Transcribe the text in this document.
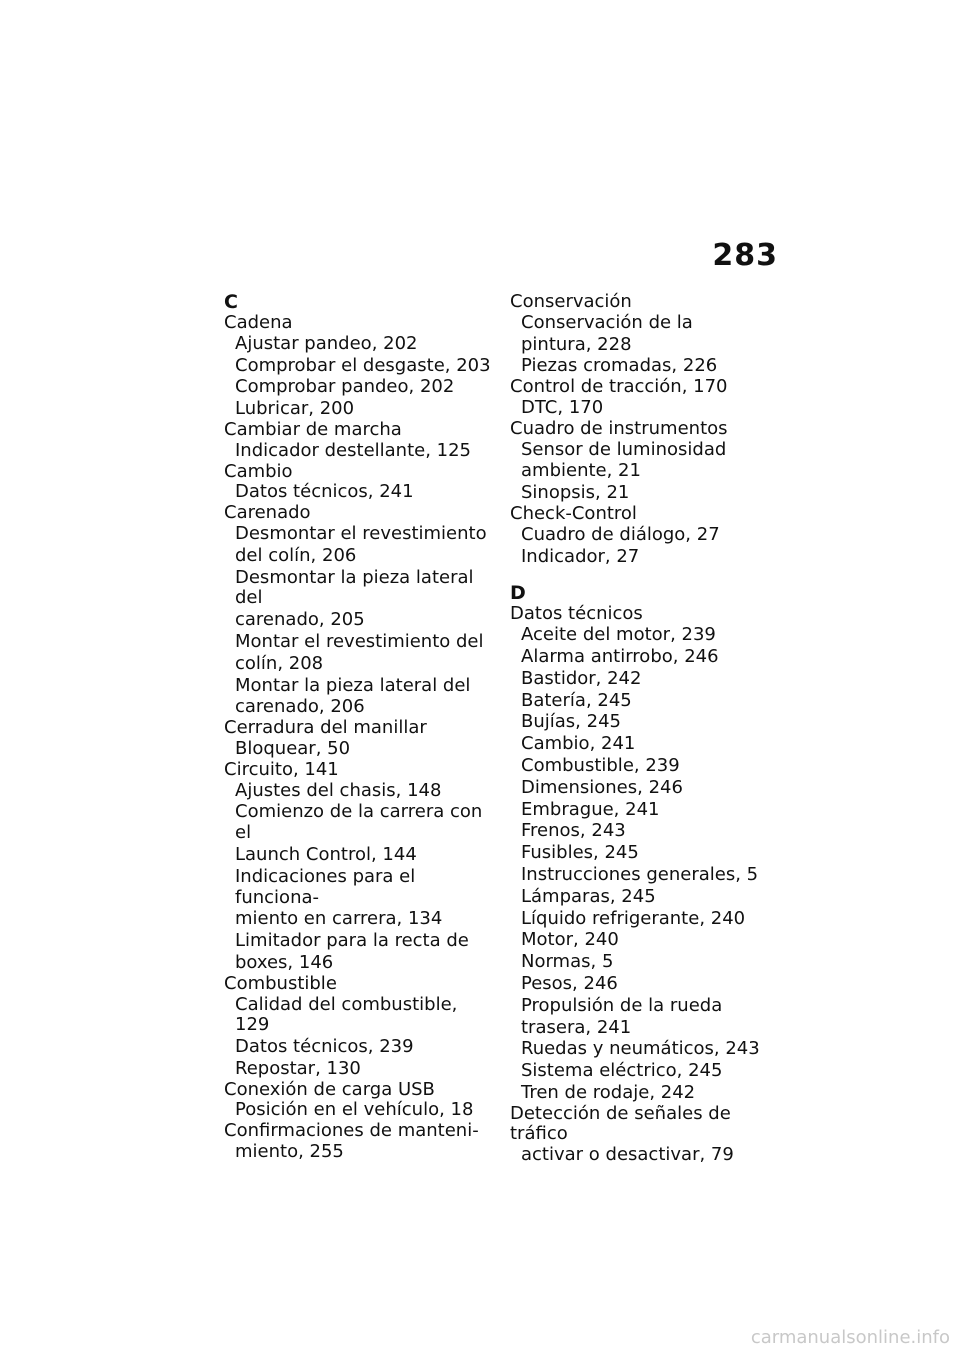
283
C
Cadena
Ajustar pandeo, 202
Comprobar el desgaste, 203
Comprobar pandeo, 202
Lubricar, 200
Cambiar de marcha
Indicador destellante, 125
Cambio
Datos técnicos, 241
Carenado
Desmontar el revestimiento
del colín, 206
Desmontar la pieza lateral del
carenado, 205
Montar el revestimiento del
colín, 208
Montar la pieza lateral del
carenado, 206
Cerradura del manillar
Bloquear, 50
Circuito, 141
Ajustes del chasis, 148
Comienzo de la carrera con el
Launch Control, 144
Indicaciones para el funciona-
miento en carrera, 134
Limitador para la recta de
boxes, 146
Combustible
Calidad del combustible, 129
Datos técnicos, 239
Repostar, 130
Conexión de carga USB
Posición en el vehículo, 18
Confirmaciones de manteni-
miento, 255
Conservación
Conservación de la
pintura, 228
Piezas cromadas, 226
Control de tracción, 170
DTC, 170
Cuadro de instrumentos
Sensor de luminosidad
ambiente, 21
Sinopsis, 21
Check-Control
Cuadro de diálogo, 27
Indicador, 27
D
Datos técnicos
Aceite del motor, 239
Alarma antirrobo, 246
Bastidor, 242
Batería, 245
Bujías, 245
Cambio, 241
Combustible, 239
Dimensiones, 246
Embrague, 241
Frenos, 243
Fusibles, 245
Instrucciones generales, 5
Lámparas, 245
Líquido refrigerante, 240
Motor, 240
Normas, 5
Pesos, 246
Propulsión de la rueda
trasera, 241
Ruedas y neumáticos, 243
Sistema eléctrico, 245
Tren de rodaje, 242
Detección de señales de tráfico
activar o desactivar, 79
carmanualsonline.info
